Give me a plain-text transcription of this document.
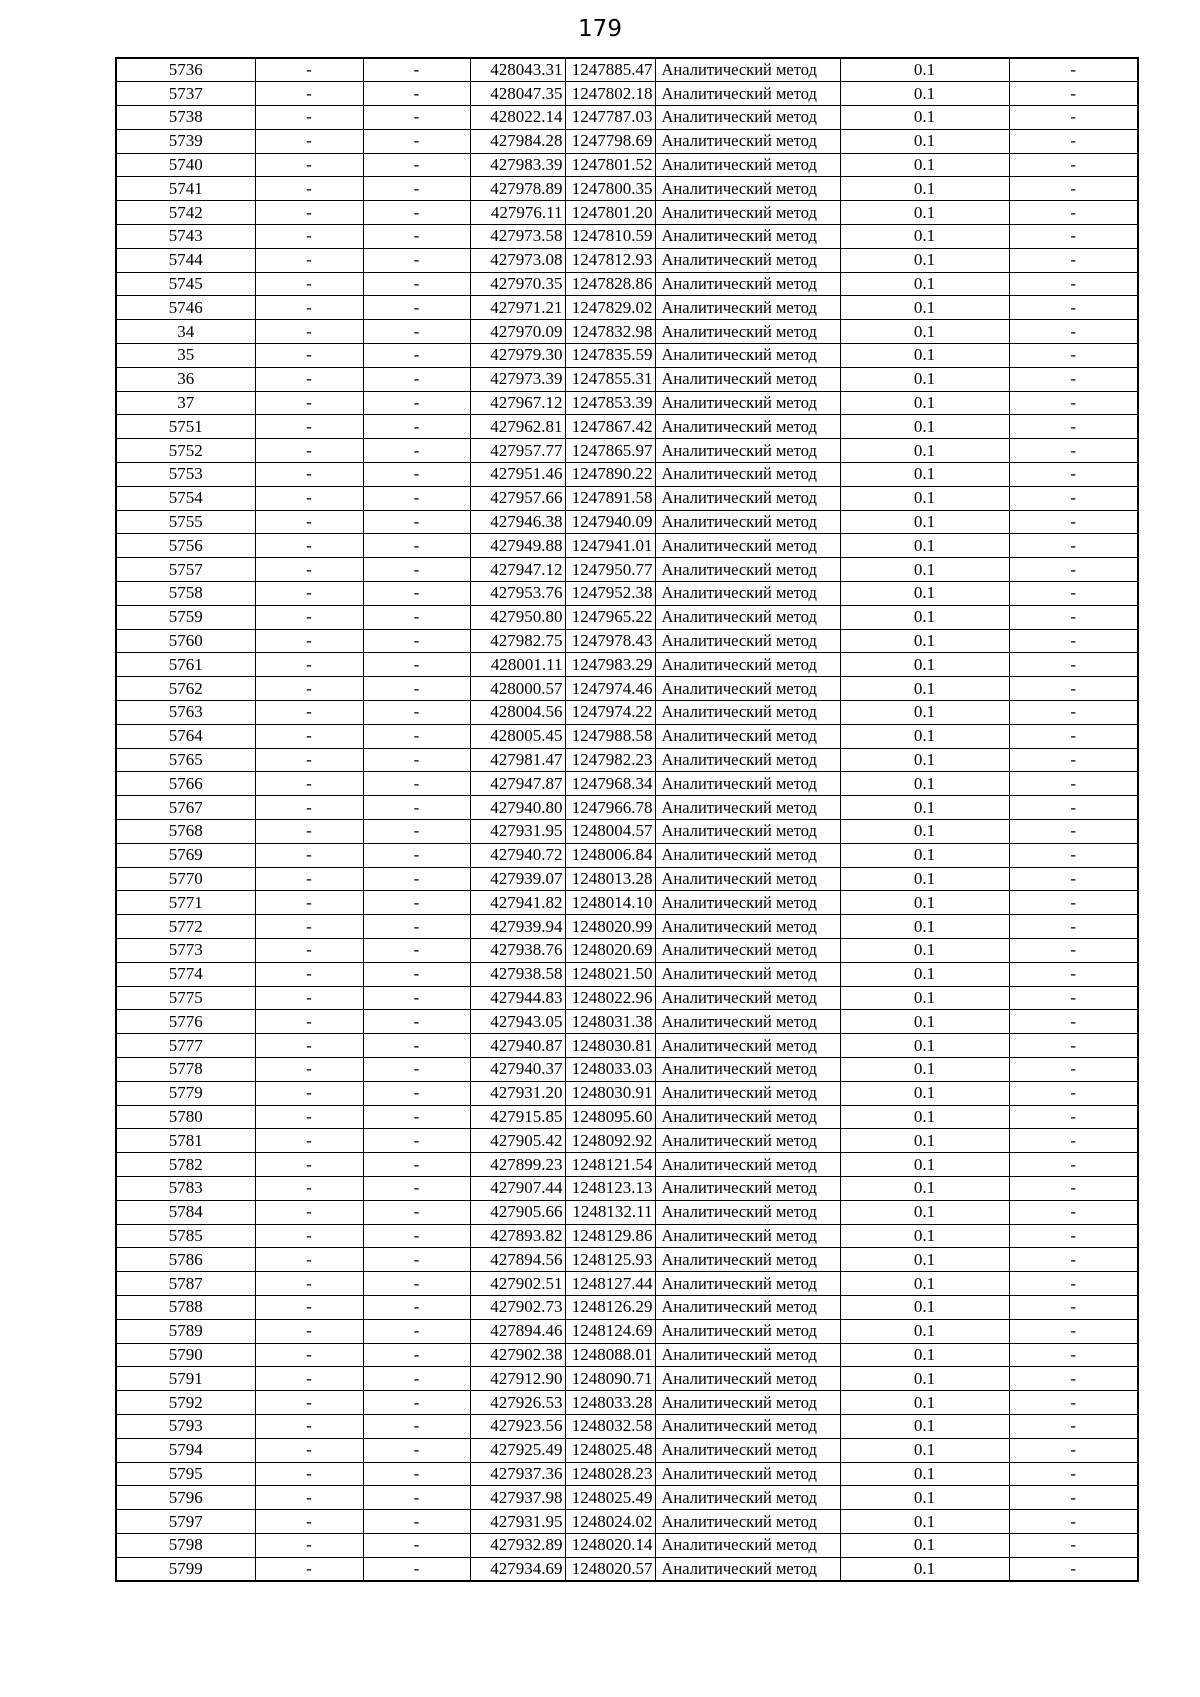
179
5736	-	-	428043.31	1247885.47	Аналитический метод	0.1	-
5737	-	-	428047.35	1247802.18	Аналитический метод	0.1	-
5738	-	-	428022.14	1247787.03	Аналитический метод	0.1	-
5739	-	-	427984.28	1247798.69	Аналитический метод	0.1	-
5740	-	-	427983.39	1247801.52	Аналитический метод	0.1	-
5741	-	-	427978.89	1247800.35	Аналитический метод	0.1	-
5742	-	-	427976.11	1247801.20	Аналитический метод	0.1	-
5743	-	-	427973.58	1247810.59	Аналитический метод	0.1	-
5744	-	-	427973.08	1247812.93	Аналитический метод	0.1	-
5745	-	-	427970.35	1247828.86	Аналитический метод	0.1	-
5746	-	-	427971.21	1247829.02	Аналитический метод	0.1	-
34	-	-	427970.09	1247832.98	Аналитический метод	0.1	-
35	-	-	427979.30	1247835.59	Аналитический метод	0.1	-
36	-	-	427973.39	1247855.31	Аналитический метод	0.1	-
37	-	-	427967.12	1247853.39	Аналитический метод	0.1	-
5751	-	-	427962.81	1247867.42	Аналитический метод	0.1	-
5752	-	-	427957.77	1247865.97	Аналитический метод	0.1	-
5753	-	-	427951.46	1247890.22	Аналитический метод	0.1	-
5754	-	-	427957.66	1247891.58	Аналитический метод	0.1	-
5755	-	-	427946.38	1247940.09	Аналитический метод	0.1	-
5756	-	-	427949.88	1247941.01	Аналитический метод	0.1	-
5757	-	-	427947.12	1247950.77	Аналитический метод	0.1	-
5758	-	-	427953.76	1247952.38	Аналитический метод	0.1	-
5759	-	-	427950.80	1247965.22	Аналитический метод	0.1	-
5760	-	-	427982.75	1247978.43	Аналитический метод	0.1	-
5761	-	-	428001.11	1247983.29	Аналитический метод	0.1	-
5762	-	-	428000.57	1247974.46	Аналитический метод	0.1	-
5763	-	-	428004.56	1247974.22	Аналитический метод	0.1	-
5764	-	-	428005.45	1247988.58	Аналитический метод	0.1	-
5765	-	-	427981.47	1247982.23	Аналитический метод	0.1	-
5766	-	-	427947.87	1247968.34	Аналитический метод	0.1	-
5767	-	-	427940.80	1247966.78	Аналитический метод	0.1	-
5768	-	-	427931.95	1248004.57	Аналитический метод	0.1	-
5769	-	-	427940.72	1248006.84	Аналитический метод	0.1	-
5770	-	-	427939.07	1248013.28	Аналитический метод	0.1	-
5771	-	-	427941.82	1248014.10	Аналитический метод	0.1	-
5772	-	-	427939.94	1248020.99	Аналитический метод	0.1	-
5773	-	-	427938.76	1248020.69	Аналитический метод	0.1	-
5774	-	-	427938.58	1248021.50	Аналитический метод	0.1	-
5775	-	-	427944.83	1248022.96	Аналитический метод	0.1	-
5776	-	-	427943.05	1248031.38	Аналитический метод	0.1	-
5777	-	-	427940.87	1248030.81	Аналитический метод	0.1	-
5778	-	-	427940.37	1248033.03	Аналитический метод	0.1	-
5779	-	-	427931.20	1248030.91	Аналитический метод	0.1	-
5780	-	-	427915.85	1248095.60	Аналитический метод	0.1	-
5781	-	-	427905.42	1248092.92	Аналитический метод	0.1	-
5782	-	-	427899.23	1248121.54	Аналитический метод	0.1	-
5783	-	-	427907.44	1248123.13	Аналитический метод	0.1	-
5784	-	-	427905.66	1248132.11	Аналитический метод	0.1	-
5785	-	-	427893.82	1248129.86	Аналитический метод	0.1	-
5786	-	-	427894.56	1248125.93	Аналитический метод	0.1	-
5787	-	-	427902.51	1248127.44	Аналитический метод	0.1	-
5788	-	-	427902.73	1248126.29	Аналитический метод	0.1	-
5789	-	-	427894.46	1248124.69	Аналитический метод	0.1	-
5790	-	-	427902.38	1248088.01	Аналитический метод	0.1	-
5791	-	-	427912.90	1248090.71	Аналитический метод	0.1	-
5792	-	-	427926.53	1248033.28	Аналитический метод	0.1	-
5793	-	-	427923.56	1248032.58	Аналитический метод	0.1	-
5794	-	-	427925.49	1248025.48	Аналитический метод	0.1	-
5795	-	-	427937.36	1248028.23	Аналитический метод	0.1	-
5796	-	-	427937.98	1248025.49	Аналитический метод	0.1	-
5797	-	-	427931.95	1248024.02	Аналитический метод	0.1	-
5798	-	-	427932.89	1248020.14	Аналитический метод	0.1	-
5799	-	-	427934.69	1248020.57	Аналитический метод	0.1	-
